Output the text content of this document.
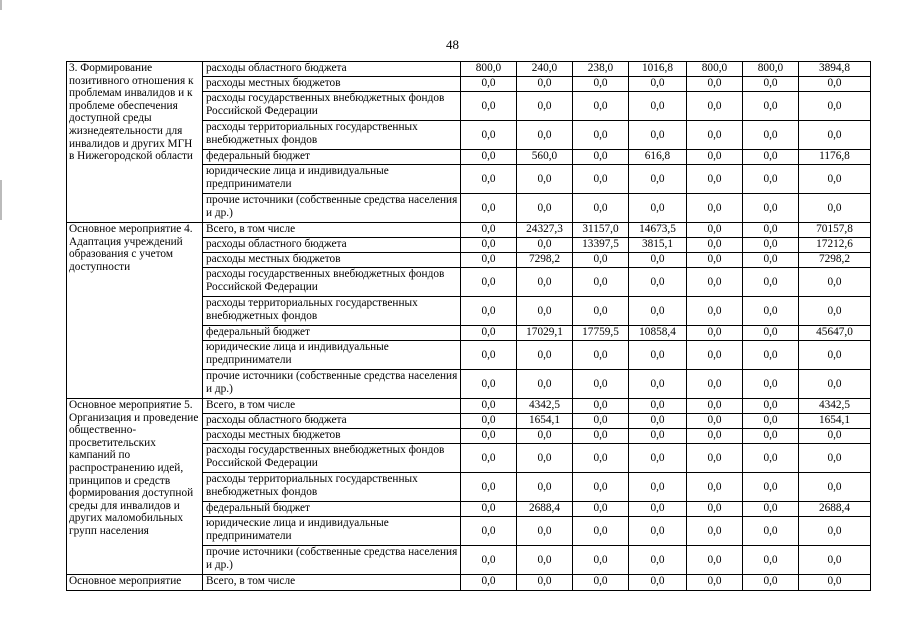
48
3. Формирование позитивного отношения к проблемам инвалидов и к проблеме обеспечения доступной среды жизнедеятельности для инвалидов и других МГН в Нижегородской области	расходы областного бюджета	800,0	240,0	238,0	1016,8	800,0	800,0	3894,8
	расходы местных бюджетов	0,0	0,0	0,0	0,0	0,0	0,0	0,0
	расходы государственных внебюджетных фондов Российской Федерации	0,0	0,0	0,0	0,0	0,0	0,0	0,0
	расходы территориальных государственных внебюджетных фондов	0,0	0,0	0,0	0,0	0,0	0,0	0,0
	федеральный бюджет	0,0	560,0	0,0	616,8	0,0	0,0	1176,8
	юридические лица и индивидуальные предприниматели	0,0	0,0	0,0	0,0	0,0	0,0	0,0
	прочие источники (собственные средства населения и др.)	0,0	0,0	0,0	0,0	0,0	0,0	0,0
Основное мероприятие 4. Адаптация учреждений образования с учетом доступности	Всего, в том числе	0,0	24327,3	31157,0	14673,5	0,0	0,0	70157,8
	расходы областного бюджета	0,0	0,0	13397,5	3815,1	0,0	0,0	17212,6
	расходы местных бюджетов	0,0	7298,2	0,0	0,0	0,0	0,0	7298,2
	расходы государственных внебюджетных фондов Российской Федерации	0,0	0,0	0,0	0,0	0,0	0,0	0,0
	расходы территориальных государственных внебюджетных фондов	0,0	0,0	0,0	0,0	0,0	0,0	0,0
	федеральный бюджет	0,0	17029,1	17759,5	10858,4	0,0	0,0	45647,0
	юридические лица и индивидуальные предприниматели	0,0	0,0	0,0	0,0	0,0	0,0	0,0
	прочие источники (собственные средства населения и др.)	0,0	0,0	0,0	0,0	0,0	0,0	0,0
Основное мероприятие 5. Организация и проведение общественно-просветительских кампаний по распространению идей, принципов и средств формирования доступной среды для инвалидов и других маломобильных групп населения	Всего, в том числе	0,0	4342,5	0,0	0,0	0,0	0,0	4342,5
	расходы областного бюджета	0,0	1654,1	0,0	0,0	0,0	0,0	1654,1
	расходы местных бюджетов	0,0	0,0	0,0	0,0	0,0	0,0	0,0
	расходы государственных внебюджетных фондов Российской Федерации	0,0	0,0	0,0	0,0	0,0	0,0	0,0
	расходы территориальных государственных внебюджетных фондов	0,0	0,0	0,0	0,0	0,0	0,0	0,0
	федеральный бюджет	0,0	2688,4	0,0	0,0	0,0	0,0	2688,4
	юридические лица и индивидуальные предприниматели	0,0	0,0	0,0	0,0	0,0	0,0	0,0
	прочие источники (собственные средства населения и др.)	0,0	0,0	0,0	0,0	0,0	0,0	0,0
Основное мероприятие	Всего, в том числе	0,0	0,0	0,0	0,0	0,0	0,0	0,0
